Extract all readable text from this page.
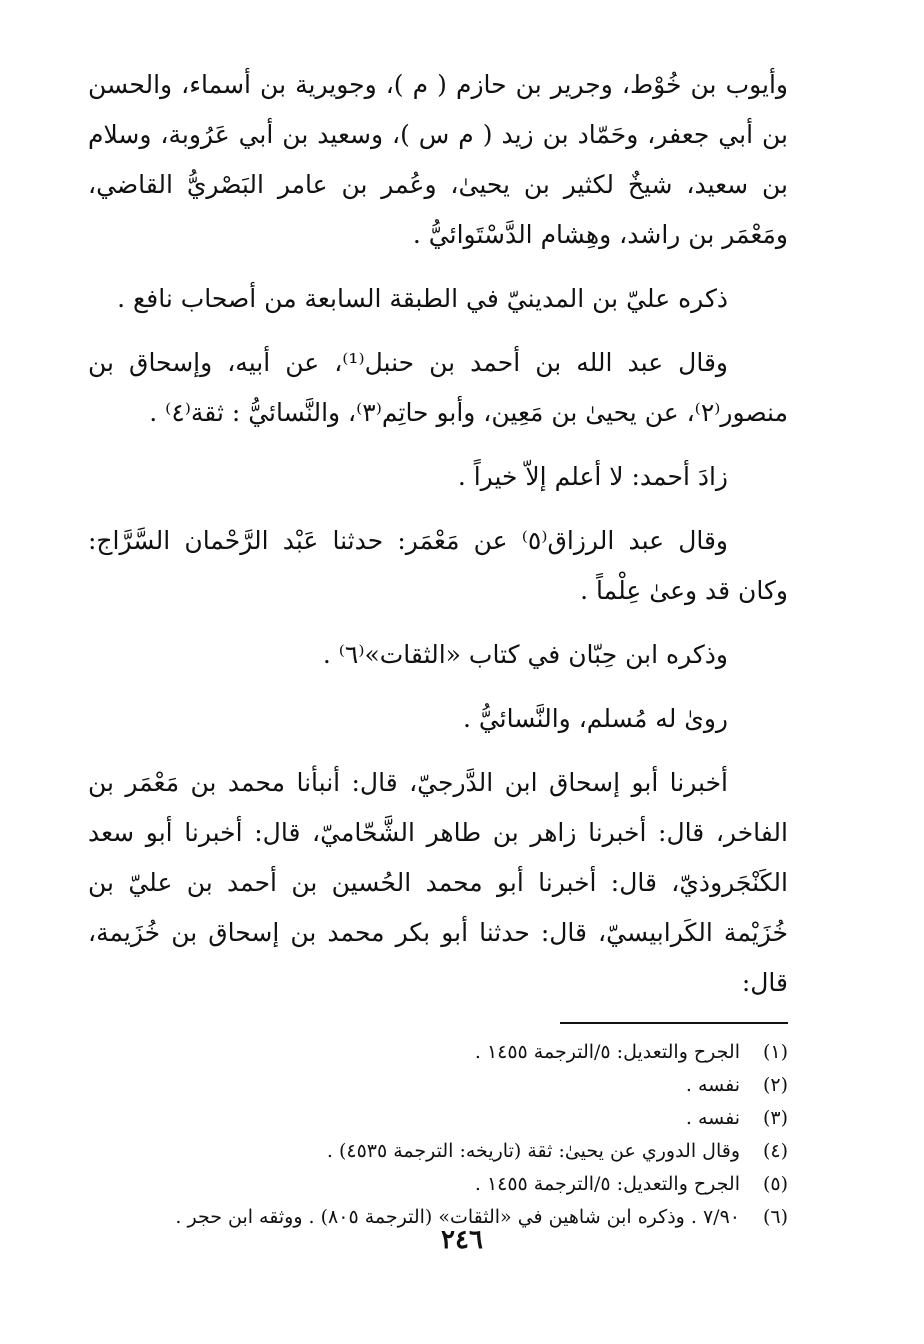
وأيوب بن خُوْط، وجرير بن حازم ( م )، وجويرية بن أسماء، والحسن بن أبي جعفر، وحَمّاد بن زيد ( م س )، وسعيد بن أبي عَرُوبة، وسلام بن سعيد، شيخٌ لكثير بن يحيىٰ، وعُمر بن عامر البَصْريُّ القاضي، ومَعْمَر بن راشد، وهِشام الدَّسْتَوائيُّ .

ذكره عليّ بن المدينيّ في الطبقة السابعة من أصحاب نافع .

وقال عبد الله بن أحمد بن حنبل⁽¹⁾، عن أبيه، وإسحاق بن منصور⁽٢⁾، عن يحيىٰ بن مَعِين، وأبو حاتِم⁽٣⁾، والنَّسائيُّ : ثقة⁽٤⁾ .

زادَ أحمد: لا أعلم إلاّ خيراً .

وقال عبد الرزاق⁽٥⁾ عن مَعْمَر: حدثنا عَبْد الرَّحْمان السَّرَّاج: وكان قد وعىٰ عِلْماً .

وذكره ابن حِبّان في كتاب «الثقات»⁽٦⁾ .

روىٰ له مُسلم، والنَّسائيُّ .

أخبرنا أبو إسحاق ابن الدَّرجيّ، قال: أنبأنا محمد بن مَعْمَر بن الفاخر، قال: أخبرنا زاهر بن طاهر الشَّحّاميّ، قال: أخبرنا أبو سعد الكَنْجَروذيّ، قال: أخبرنا أبو محمد الحُسين بن أحمد بن عليّ بن خُزَيْمة الكَرابيسيّ، قال: حدثنا أبو بكر محمد بن إسحاق بن خُزَيمة، قال:

(١)
الجرح والتعديل: ٥/الترجمة ١٤٥٥ .
(٢)
نفسه .
(٣)
نفسه .
(٤)
وقال الدوري عن يحيىٰ: ثقة (تاريخه: الترجمة ٤٥٣٥) .
(٥)
الجرح والتعديل: ٥/الترجمة ١٤٥٥ .
(٦)
٧/٩٠ . وذكره ابن شاهين في «الثقات» (الترجمة ٨٠٥) . ووثقه ابن حجر .
٢٤٦
